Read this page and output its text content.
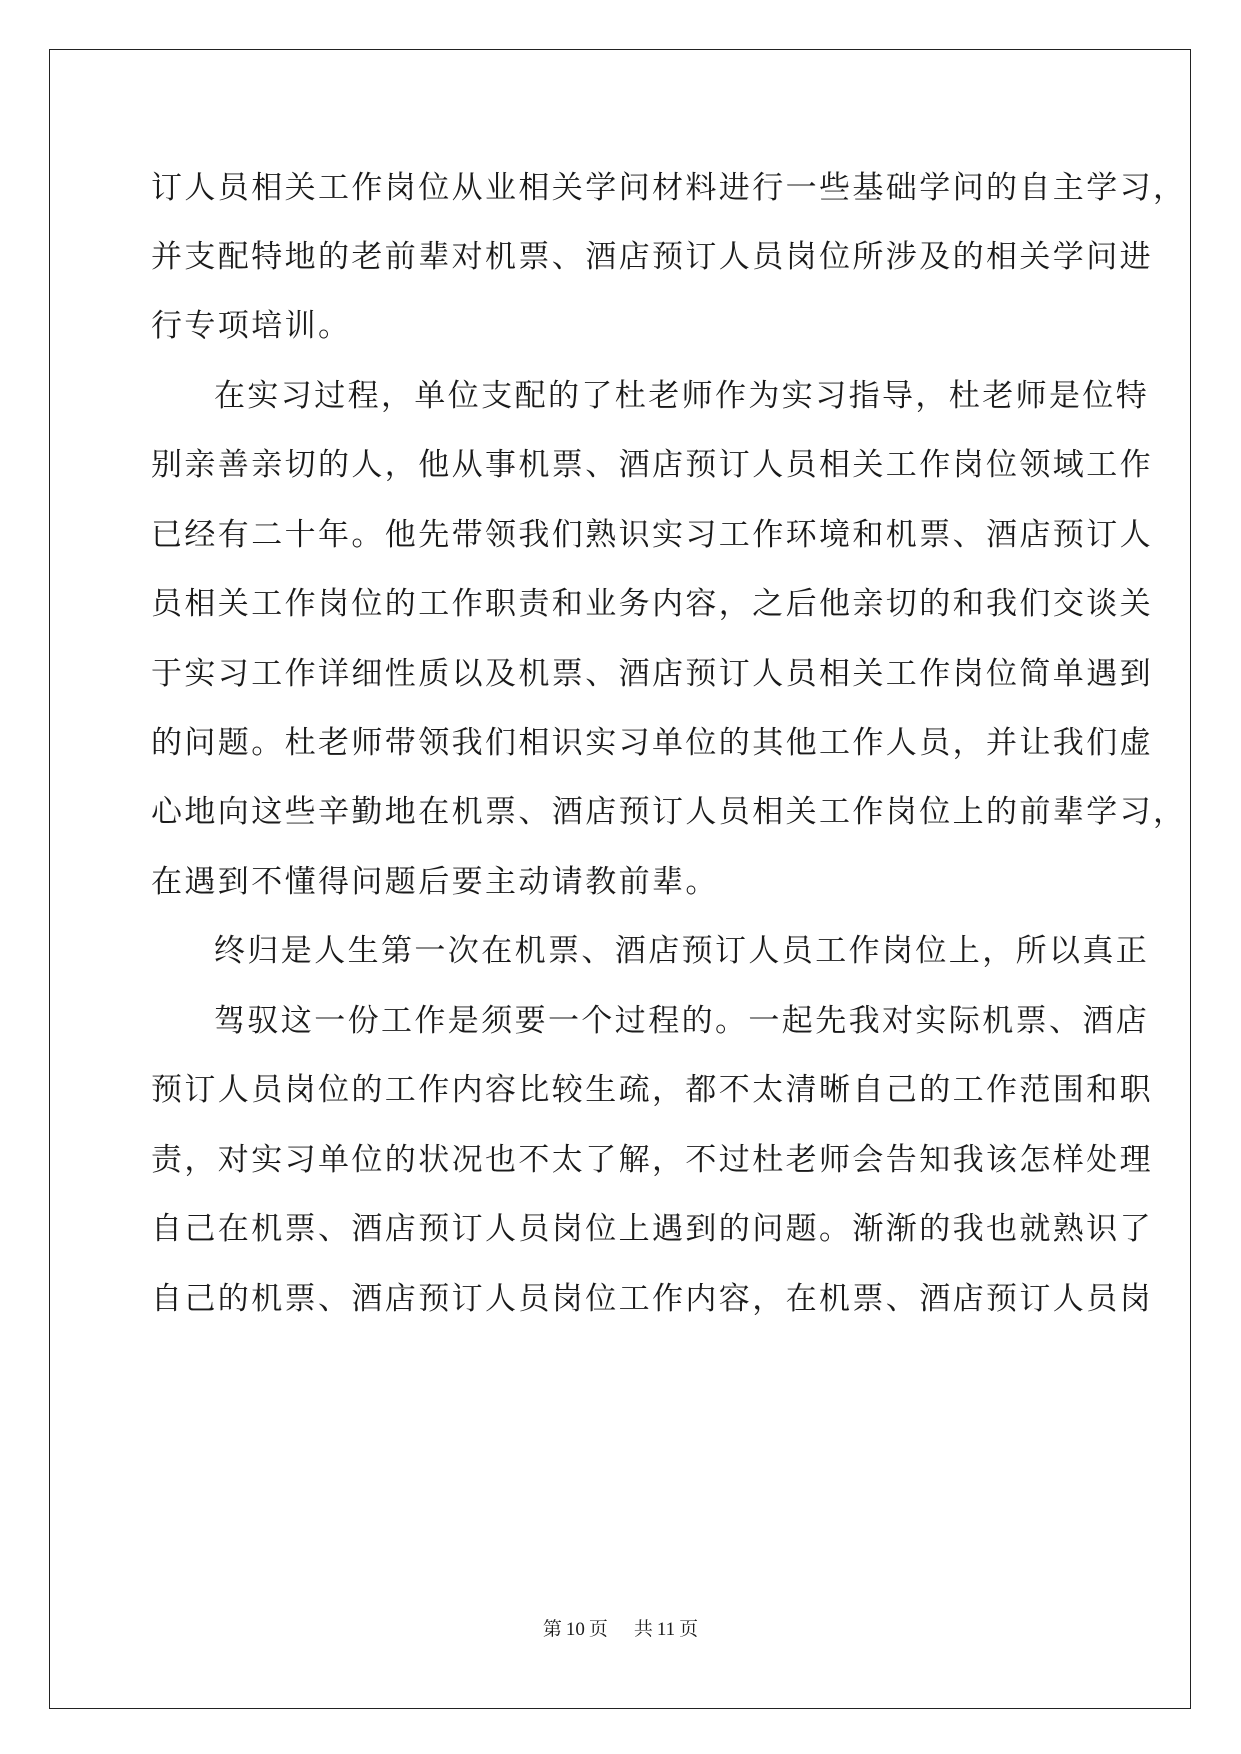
订人员相关工作岗位从业相关学问材料进行一些基础学问的自主学习，
并支配特地的老前辈对机票、酒店预订人员岗位所涉及的相关学问进
行专项培训。
在实习过程，单位支配的了杜老师作为实习指导，杜老师是位特
别亲善亲切的人，他从事机票、酒店预订人员相关工作岗位领域工作
已经有二十年。他先带领我们熟识实习工作环境和机票、酒店预订人
员相关工作岗位的工作职责和业务内容，之后他亲切的和我们交谈关
于实习工作详细性质以及机票、酒店预订人员相关工作岗位简单遇到
的问题。杜老师带领我们相识实习单位的其他工作人员，并让我们虚
心地向这些辛勤地在机票、酒店预订人员相关工作岗位上的前辈学习，
在遇到不懂得问题后要主动请教前辈。
终归是人生第一次在机票、酒店预订人员工作岗位上，所以真正
驾驭这一份工作是须要一个过程的。一起先我对实际机票、酒店
预订人员岗位的工作内容比较生疏，都不太清晰自己的工作范围和职
责，对实习单位的状况也不太了解，不过杜老师会告知我该怎样处理
自己在机票、酒店预订人员岗位上遇到的问题。渐渐的我也就熟识了
自己的机票、酒店预订人员岗位工作内容，在机票、酒店预订人员岗
第 10 页 共 11 页
